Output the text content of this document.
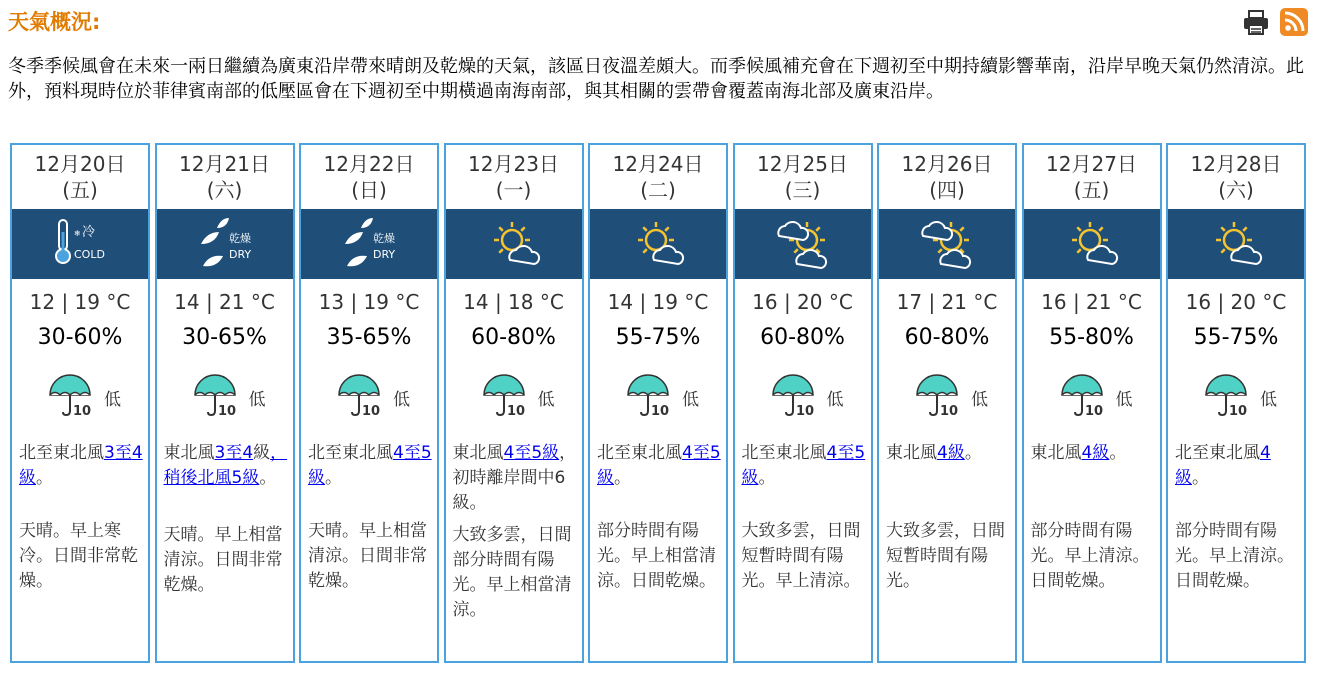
天氣概況:
冬季季候風會在未來一兩日繼續為廣東沿岸帶來晴朗及乾燥的天氣，該區日夜溫差頗大。而季候風補充會在下週初至中期持續影響華南，沿岸早晚天氣仍然清涼。此外，預料現時位於菲律賓南部的低壓區會在下週初至中期橫過南海南部，與其相關的雲帶會覆蓋南海北部及廣東沿岸。
12月20日
(五)
❄ 冷
COLD
12 | 19 °C
30-60%
10
低
北至東北風3至4級。
天晴。早上寒冷。日間非常乾燥。
12月21日
(六)
乾燥
DRY
14 | 21 °C
30-65%
10
低
東北風3至4級，稍後北風5級。
天晴。早上相當清涼。日間非常乾燥。
12月22日
(日)
乾燥
DRY
13 | 19 °C
35-65%
10
低
北至東北風4至5級。
天晴。早上相當清涼。日間非常乾燥。
12月23日
(一)
14 | 18 °C
60-80%
10
低
東北風4至5級，初時離岸間中6級。
大致多雲，日間部分時間有陽光。早上相當清涼。
12月24日
(二)
14 | 19 °C
55-75%
10
低
北至東北風4至5級。
部分時間有陽光。早上相當清涼。日間乾燥。
12月25日
(三)
16 | 20 °C
60-80%
10
低
北至東北風4至5級。
大致多雲，日間短暫時間有陽光。早上清涼。
12月26日
(四)
17 | 21 °C
60-80%
10
低
東北風4級。
大致多雲，日間短暫時間有陽光。
12月27日
(五)
16 | 21 °C
55-80%
10
低
東北風4級。
部分時間有陽光。早上清涼。日間乾燥。
12月28日
(六)
16 | 20 °C
55-75%
10
低
北至東北風4級。
部分時間有陽光。早上清涼。日間乾燥。
